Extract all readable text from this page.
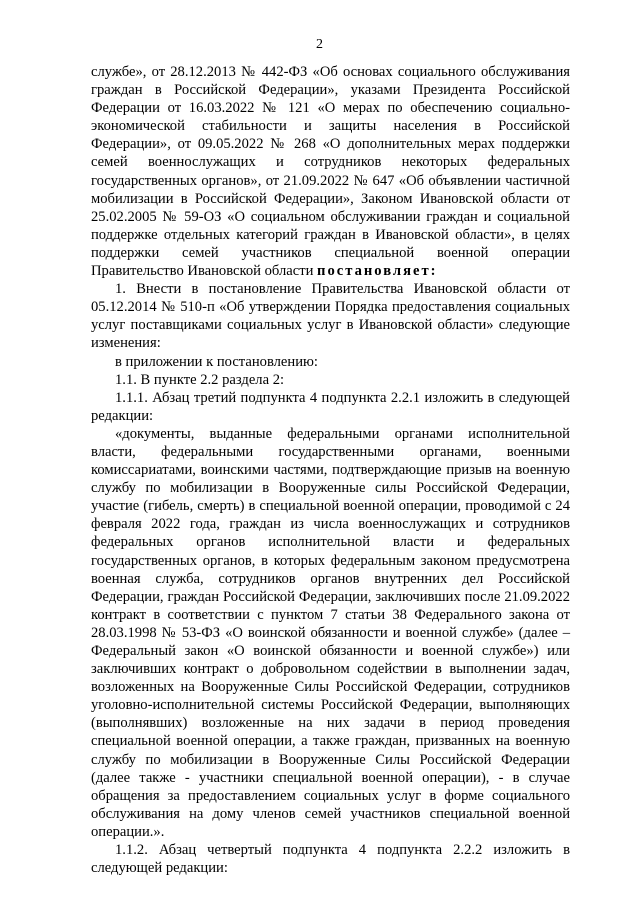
2

службе», от 28.12.2013 № 442-ФЗ «Об основах социального обслуживания граждан в Российской Федерации», указами Президента Российской Федерации от 16.03.2022 № 121 «О мерах по обеспечению социально-экономической стабильности и защиты населения в Российской Федерации», от 09.05.2022 № 268 «О дополнительных мерах поддержки семей военнослужащих и сотрудников некоторых федеральных государственных органов», от 21.09.2022 № 647 «Об объявлении частичной мобилизации в Российской Федерации», Законом Ивановской области от 25.02.2005 № 59-ОЗ «О социальном обслуживании граждан и социальной поддержке отдельных категорий граждан в Ивановской области», в целях поддержки семей участников специальной военной операции Правительство Ивановской области постановляет:

1. Внести в постановление Правительства Ивановской области от 05.12.2014 № 510-п «Об утверждении Порядка предоставления социальных услуг поставщиками социальных услуг в Ивановской области» следующие изменения:

в приложении к постановлению:

1.1. В пункте 2.2 раздела 2:

1.1.1. Абзац третий подпункта 4 подпункта 2.2.1 изложить в следующей редакции:

«документы, выданные федеральными органами исполнительной власти, федеральными государственными органами, военными комиссариатами, воинскими частями, подтверждающие призыв на военную службу по мобилизации в Вооруженные силы Российской Федерации, участие (гибель, смерть) в специальной военной операции, проводимой с 24 февраля 2022 года, граждан из числа военнослужащих и сотрудников федеральных органов исполнительной власти и федеральных государственных органов, в которых федеральным законом предусмотрена военная служба, сотрудников органов внутренних дел Российской Федерации, граждан Российской Федерации, заключивших после 21.09.2022 контракт в соответствии с пунктом 7 статьи 38 Федерального закона от 28.03.1998 № 53-ФЗ «О воинской обязанности и военной службе» (далее – Федеральный закон «О воинской обязанности и военной службе») или заключивших контракт о добровольном содействии в выполнении задач, возложенных на Вооруженные Силы Российской Федерации, сотрудников уголовно-исполнительной системы Российской Федерации, выполняющих (выполнявших) возложенные на них задачи в период проведения специальной военной операции, а также граждан, призванных на военную службу по мобилизации в Вооруженные Силы Российской Федерации (далее также - участники специальной военной операции), - в случае обращения за предоставлением социальных услуг в форме социального обслуживания на дому членов семей участников специальной военной операции.».

1.1.2. Абзац четвертый подпункта 4 подпункта 2.2.2 изложить в следующей редакции:
